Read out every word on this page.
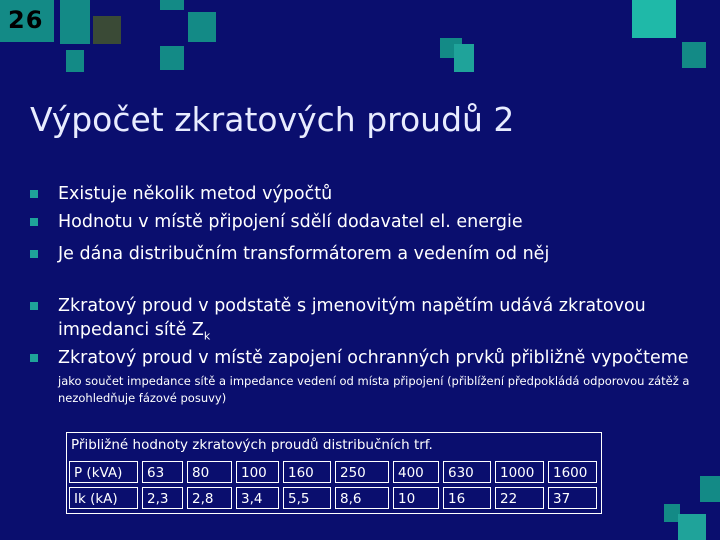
26
Výpočet zkratových proudů 2
Existuje několik metod výpočtů
Hodnotu v místě připojení sdělí dodavatel el. energie
Je dána distribučním transformátorem a vedením od něj
Zkratový proud v podstatě s jmenovitým napětím udává zkratovou
impedanci sítě $Z_k$
Zkratový proud v místě zapojení ochranných prvků přibližně vypočteme
jako součet impedance sítě a impedance vedení od místa připojení (přiblížení předpokládá odporovou zátěž a nezohledňuje fázové posuvy)
Přibližné hodnoty zkratových proudů distribučních trf.
P (kVA)	63	80	100	160	250	400	630	1000	1600
Ik (kA)	2,3	2,8	3,4	5,5	8,6	10	16	22	37
